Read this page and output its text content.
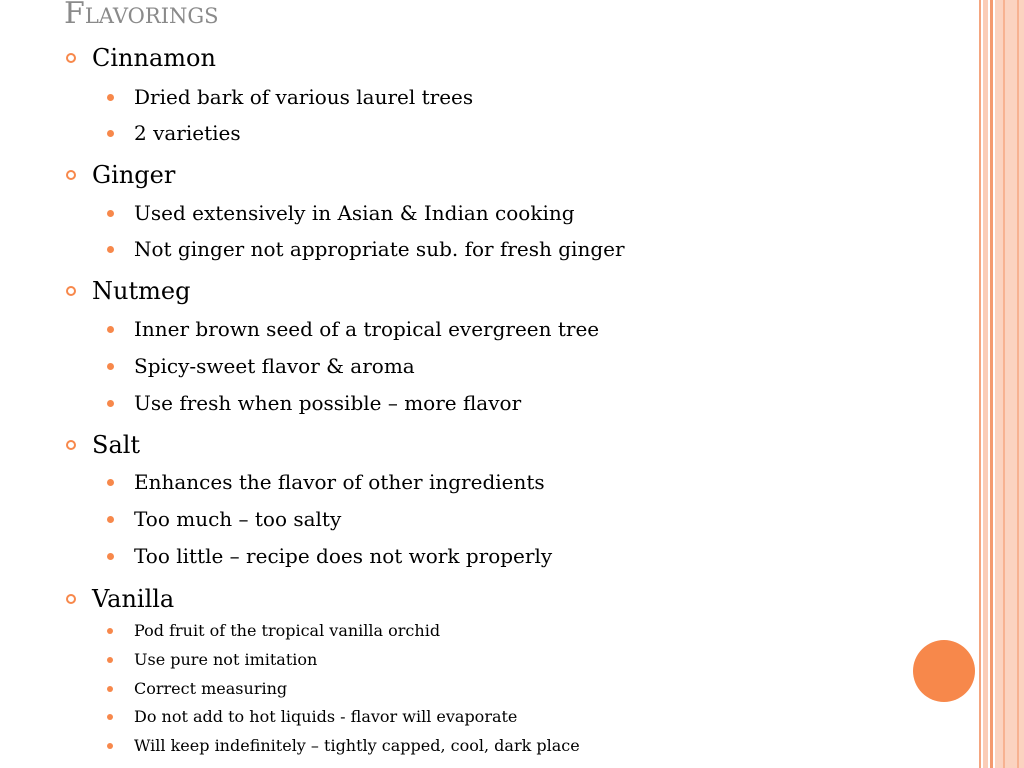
Flavorings
Cinnamon
Dried bark of various laurel trees
2 varieties
Ginger
Used extensively in Asian & Indian cooking
Not ginger not appropriate sub. for fresh ginger
Nutmeg
Inner brown seed of a tropical evergreen tree
Spicy-sweet flavor & aroma
Use fresh when possible – more flavor
Salt
Enhances the flavor of other ingredients
Too much – too salty
Too little – recipe does not work properly
Vanilla
Pod fruit of the tropical vanilla orchid
Use pure not imitation
Correct measuring
Do not add to hot liquids - flavor will evaporate
Will keep indefinitely – tightly capped, cool, dark place
